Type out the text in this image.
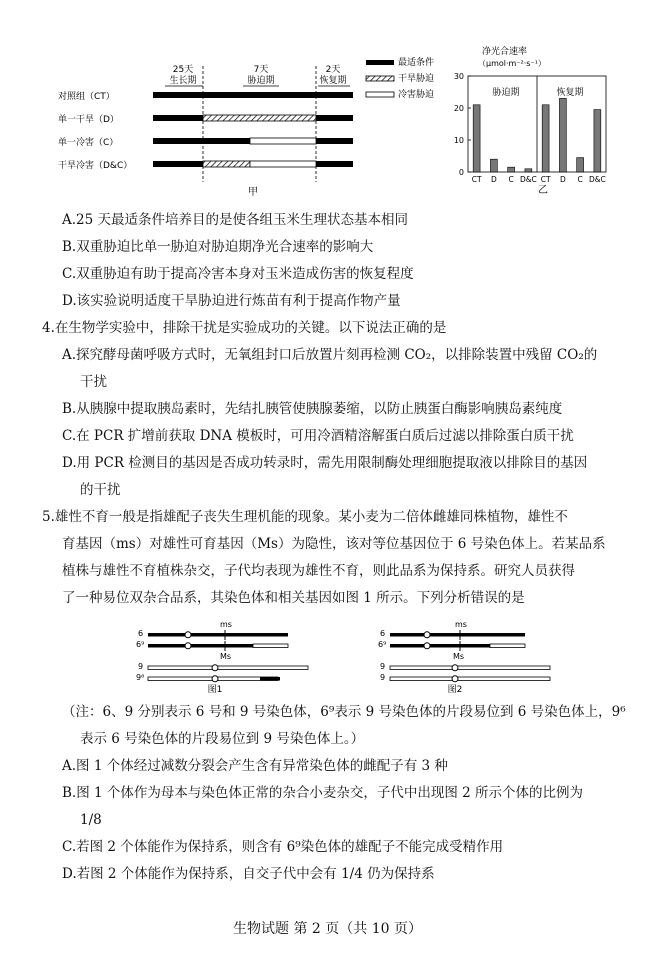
25天
生长期
7天
胁迫期
2天
恢复期
对照组（CT）
单一干旱（D）
单一冷害（C）
干旱冷害（D&C）
最适条件
干旱胁迫
冷害胁迫
甲
净光合速率
（μmol·m⁻²·s⁻¹）
30
20
10
0
CT D C D&C CT D C D&C
胁迫期	恢复期
乙
A.25 天最适条件培养目的是使各组玉米生理状态基本相同
B.双重胁迫比单一胁迫对胁迫期净光合速率的影响大
C.双重胁迫有助于提高冷害本身对玉米造成伤害的恢复程度
D.该实验说明适度干旱胁迫进行炼苗有利于提高作物产量
4.在生物学实验中，排除干扰是实验成功的关键。以下说法正确的是
A.探究酵母菌呼吸方式时，无氧组封口后放置片刻再检测 CO₂，以排除装置中残留 CO₂的
干扰
B.从胰腺中提取胰岛素时，先结扎胰管使胰腺萎缩，以防止胰蛋白酶影响胰岛素纯度
C.在 PCR 扩增前获取 DNA 模板时，可用冷酒精溶解蛋白质后过滤以排除蛋白质干扰
D.用 PCR 检测目的基因是否成功转录时，需先用限制酶处理细胞提取液以排除目的基因
的干扰
5.雄性不育一般是指雄配子丧失生理机能的现象。某小麦为二倍体雌雄同株植物，雄性不
育基因（ms）对雄性可育基因（Ms）为隐性，该对等位基因位于 6 号染色体上。若某品系
植株与雄性不育植株杂交，子代均表现为雄性不育，则此品系为保持系。研究人员获得
了一种易位双杂合品系，其染色体和相关基因如图 1 所示。下列分析错误的是
ms
6
6⁹
Ms
9
9⁶
图1
ms
6
6⁹
Ms
9
9
图2
（注：6、9 分别表示 6 号和 9 号染色体，6⁹表示 9 号染色体的片段易位到 6 号染色体上，9⁶
表示 6 号染色体的片段易位到 9 号染色体上。）
A.图 1 个体经过减数分裂会产生含有异常染色体的雌配子有 3 种
B.图 1 个体作为母本与染色体正常的杂合小麦杂交，子代中出现图 2 所示个体的比例为
1/8
C.若图 2 个体能作为保持系，则含有 6⁹染色体的雄配子不能完成受精作用
D.若图 2 个体能作为保持系，自交子代中会有 1/4 仍为保持系
生物试题 第 2 页（共 10 页）
